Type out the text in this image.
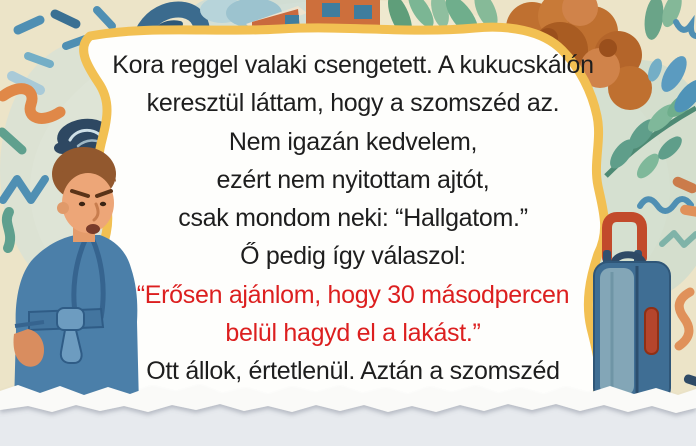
Kora reggel valaki csengetett. A kukucskálón
keresztül láttam, hogy a szomszéd az.
Nem igazán kedvelem,
ezért nem nyitottam ajtót,
csak mondom neki: “Hallgatom.”
Ő pedig így válaszol:
“Erősen ajánlom, hogy 30 másodpercen
belül hagyd el a lakást.”
Ott állok, értetlenül. Aztán a szomszéd
